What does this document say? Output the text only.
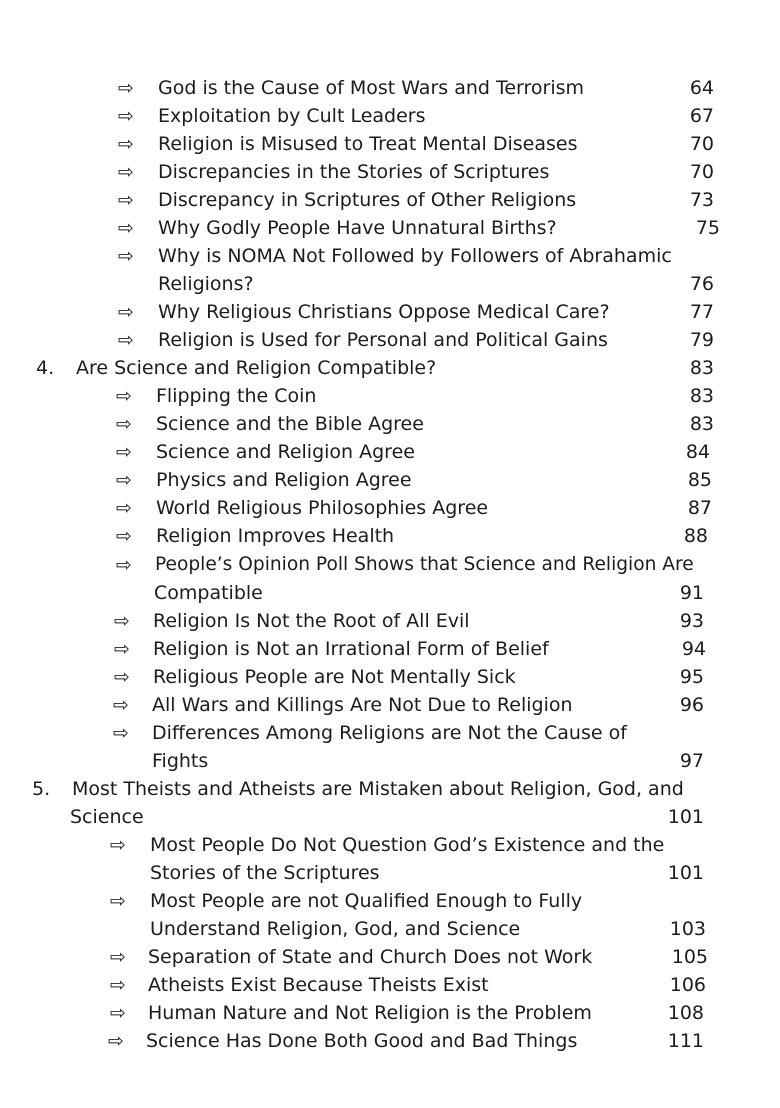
⇨ God is the Cause of Most Wars and Terrorism	64
⇨ Exploitation by Cult Leaders	67
⇨ Religion is Misused to Treat Mental Diseases	70
⇨ Discrepancies in the Stories of Scriptures	70
⇨ Discrepancy in Scriptures of Other Religions	73
⇨ Why Godly People Have Unnatural Births?	75
⇨ Why is NOMA Not Followed by Followers of Abrahamic
Religions?	76
⇨ Why Religious Christians Oppose Medical Care?	77
⇨ Religion is Used for Personal and Political Gains	79
4. Are Science and Religion Compatible?	83
⇨ Flipping the Coin	83
⇨ Science and the Bible Agree	83
⇨ Science and Religion Agree	84
⇨ Physics and Religion Agree	85
⇨ World Religious Philosophies Agree	87
⇨ Religion Improves Health	88
⇨ People’s Opinion Poll Shows that Science and Religion Are
Compatible	91
⇨ Religion Is Not the Root of All Evil	93
⇨ Religion is Not an Irrational Form of Belief	94
⇨ Religious People are Not Mentally Sick	95
⇨ All Wars and Killings Are Not Due to Religion	96
⇨ Differences Among Religions are Not the Cause of
Fights	97
5. Most Theists and Atheists are Mistaken about Religion, God, and
Science	101
⇨ Most People Do Not Question God’s Existence and the
Stories of the Scriptures	101
⇨ Most People are not Qualified Enough to Fully
Understand Religion, God, and Science	103
⇨ Separation of State and Church Does not Work	105
⇨ Atheists Exist Because Theists Exist	106
⇨ Human Nature and Not Religion is the Problem	108
⇨ Science Has Done Both Good and Bad Things	111
